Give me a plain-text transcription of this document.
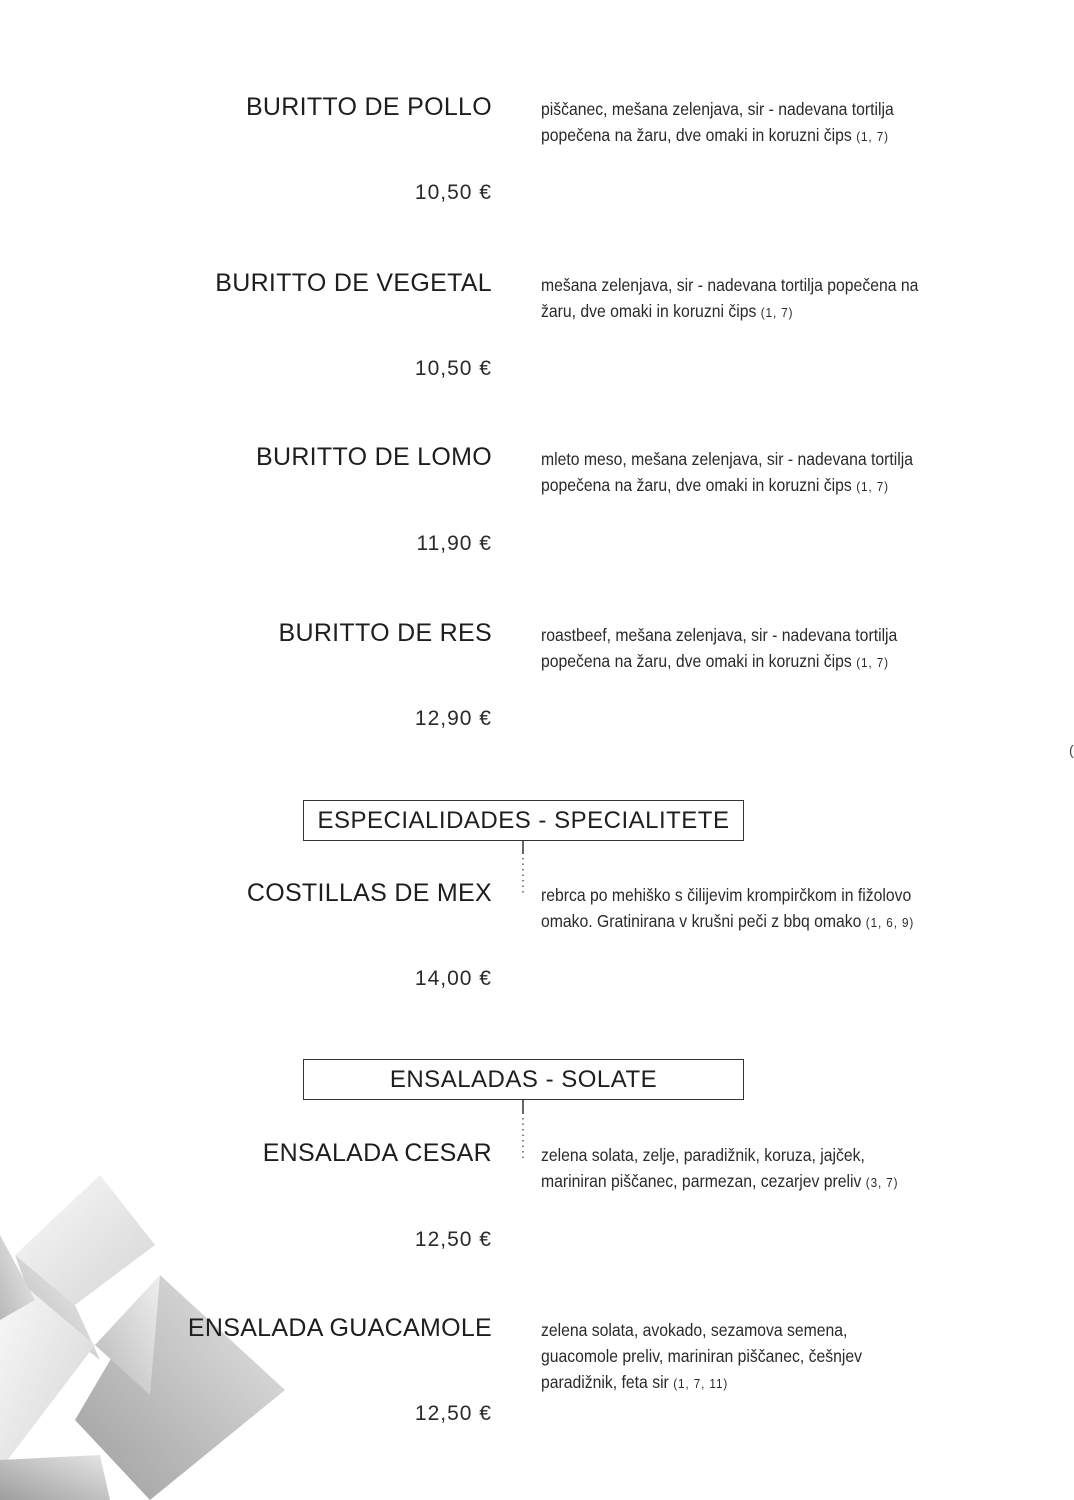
(
BURITTO DE POLLO	piščanec, mešana zelenjava, sir - nadevana tortilja popečena na žaru, dve omaki in koruzni čips (1, 7)
10,50 €
BURITTO DE VEGETAL	mešana zelenjava, sir - nadevana tortilja popečena na žaru, dve omaki in koruzni čips (1, 7)
10,50 €
BURITTO DE LOMO	mleto meso, mešana zelenjava, sir - nadevana tortilja popečena na žaru, dve omaki in koruzni čips (1, 7)
11,90 €
BURITTO DE RES	roastbeef, mešana zelenjava, sir - nadevana tortilja popečena na žaru, dve omaki in koruzni čips (1, 7)
12,90 €
ESPECIALIDADES - SPECIALITETE
COSTILLAS DE MEX	rebrca po mehiško s čilijevim krompirčkom in fižolovo omako. Gratinirana v krušni peči z bbq omako (1, 6, 9)
14,00 €
ENSALADAS - SOLATE
ENSALADA CESAR	zelena solata, zelje, paradižnik, koruza, jajček, mariniran piščanec, parmezan, cezarjev preliv (3, 7)
12,50 €
ENSALADA GUACAMOLE	zelena solata, avokado, sezamova semena, guacomole preliv, mariniran piščanec, češnjev paradižnik, feta sir (1, 7, 11)
12,50 €
